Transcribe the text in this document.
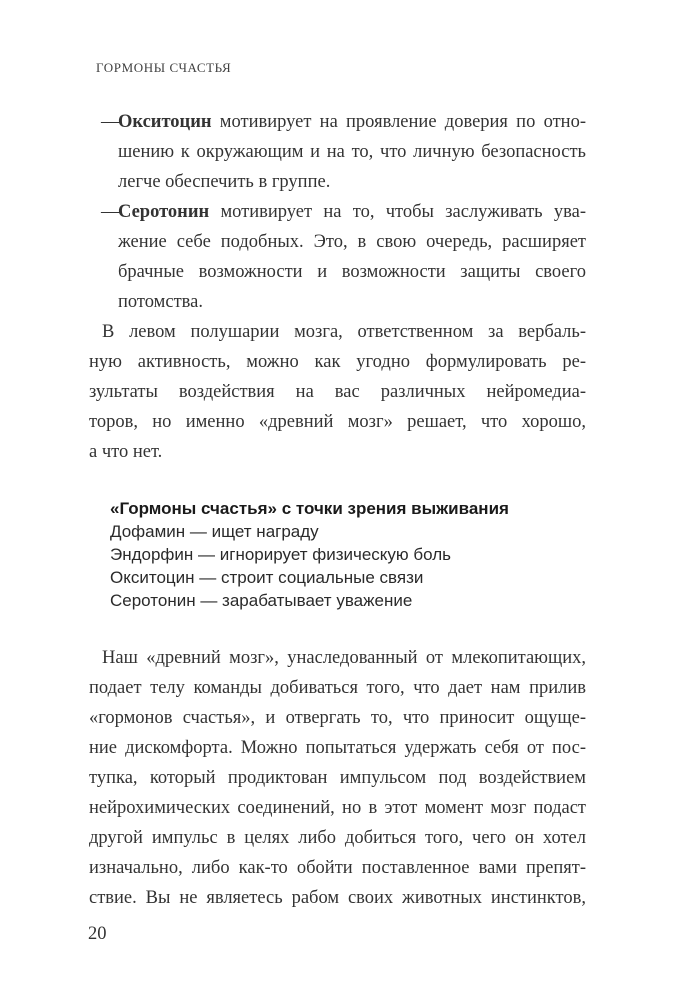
ГОРМОНЫ СЧАСТЬЯ
—
Окситоцин мотивирует на проявление доверия по отно-
шению к окружающим и на то, что личную безопасность
легче обеспечить в группе.
—
Серотонин мотивирует на то, чтобы заслуживать ува-
жение себе подобных. Это, в свою очередь, расширяет
брачные возможности и возможности защиты своего
потомства.
В левом полушарии мозга, ответственном за вербаль-
ную активность, можно как угодно формулировать ре-
зультаты воздействия на вас различных нейромедиа-
торов, но именно «древний мозг» решает, что хорошо,
а что нет.
«Гормоны счастья» с точки зрения выживания
Дофамин — ищет награду
Эндорфин — игнорирует физическую боль
Окситоцин — строит социальные связи
Серотонин — зарабатывает уважение
Наш «древний мозг», унаследованный от млекопитающих,
подает телу команды добиваться того, что дает нам прилив
«гормонов счастья», и отвергать то, что приносит ощуще-
ние дискомфорта. Можно попытаться удержать себя от пос-
тупка, который продиктован импульсом под воздействием
нейрохимических соединений, но в этот момент мозг подаст
другой импульс в целях либо добиться того, чего он хотел
изначально, либо как-то обойти поставленное вами препят-
ствие. Вы не являетесь рабом своих животных инстинктов,
20
